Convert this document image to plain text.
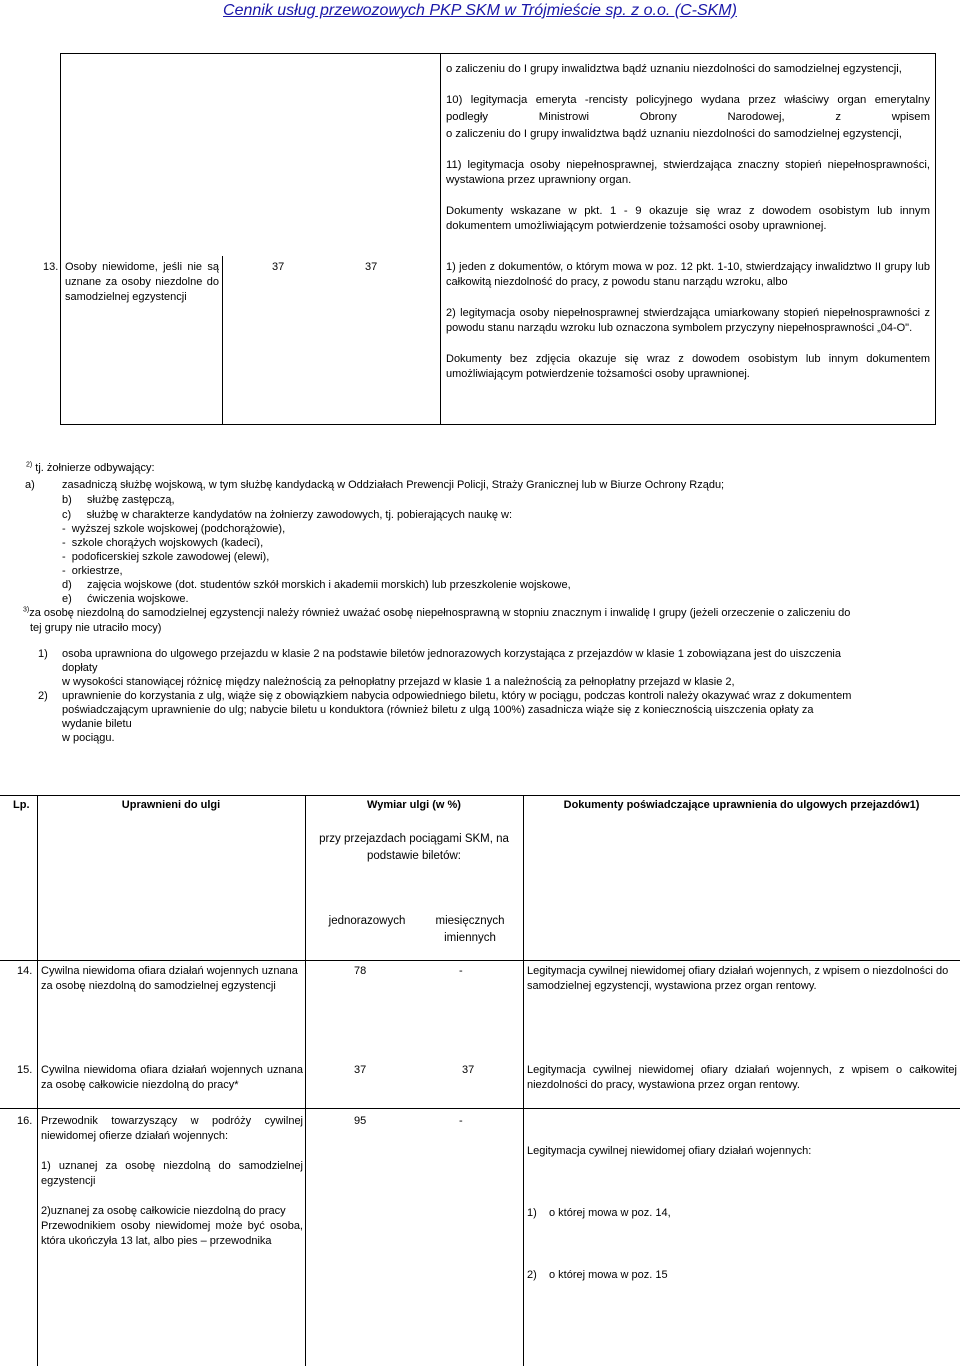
Cennik usług przewozowych PKP SKM w Trójmieście sp. z o.o. (C-SKM)

o zaliczeniu do I grupy inwalidztwa bądź uznaniu niezdolności do samodzielnej egzystencji,

10) legitymacja emeryta -rencisty policyjnego wydana przez właściwy organ emerytalny

podległy Ministrowi Obrony Narodowej, z wpisem

o zaliczeniu do I grupy inwalidztwa bądź uznaniu niezdolności do samodzielnej egzystencji,

11) legitymacja osoby niepełnosprawnej, stwierdzająca znaczny stopień niepełnosprawności, wystawiona przez uprawniony organ.

Dokumenty wskazane w pkt. 1 - 9 okazuje się wraz z dowodem osobistym lub innym dokumentem umożliwiającym potwierdzenie tożsamości osoby uprawnionej.

13. Osoby niewidome, jeśli nie są uznane za osoby niezdolne do samodzielnej egzystencji
37	37	1) jeden z dokumentów, o którym mowa w poz. 12 pkt. 1-10, stwierdzający inwalidztwo II grupy lub całkowitą niezdolność do pracy, z powodu stanu narządu wzroku, albo

2) legitymacja osoby niepełnosprawnej stwierdzająca umiarkowany stopień niepełnosprawności z powodu stanu narządu wzroku lub oznaczona symbolem przyczyny niepełnosprawności „04-O".

Dokumenty bez zdjęcia okazuje się wraz z dowodem osobistym lub innym dokumentem umożliwiającym potwierdzenie tożsamości osoby uprawnionej.

$^{2)}$ tj. żołnierze odbywający:
a) zasadniczą służbę wojskową, w tym służbę kandydacką w Oddziałach Prewencji Policji, Straży Granicznej lub w Biurze Ochrony Rządu;
b)     służbę zastępczą,
c)     służbę w charakterze kandydatów na żołnierzy zawodowych, tj. pobierających naukę w:
-  wyższej szkole wojskowej (podchorążowie),
-  szkole chorążych wojskowych (kadeci),
-  podoficerskiej szkole zawodowej (elewi),
-  orkiestrze,
d)     zajęcia wojskowe (dot. studentów szkół morskich i akademii morskich) lub przeszkolenie wojskowe,
e)     ćwiczenia wojskowe.
$^{3)}$za osobę niezdolną do samodzielnej egzystencji należy również uważać osobę niepełnosprawną w stopniu znacznym i inwalidę I grupy (jeżeli orzeczenie o zaliczeniu do
tej grupy nie utraciło mocy)
1) osoba uprawniona do ulgowego przejazdu w klasie 2 na podstawie biletów jednorazowych korzystająca z przejazdów w klasie 1 zobowiązana jest do uiszczenia
dopłaty
w wysokości stanowiącej różnicę między należnością za pełnopłatny przejazd w klasie 1 a należnością za pełnopłatny przejazd w klasie 2,
2) uprawnienie do korzystania z ulg, wiąże się z obowiązkiem nabycia odpowiedniego biletu, który w pociągu, podczas kontroli należy okazywać wraz z dokumentem
poświadczającym uprawnienie do ulg; nabycie biletu u konduktora (również biletu z ulgą 100%) zasadnicza wiąże się z koniecznością uiszczenia opłaty za
wydanie biletu
w pociągu.
Lp.	Uprawnieni do ulgi	Wymiar ulgi (w %)	Dokumenty poświadczające uprawnienia do ulgowych przejazdów1)
przy przejazdach pociągami SKM, na podstawie biletów:
jednorazowych	miesięcznych imiennych
14. Cywilna niewidoma ofiara działań wojennych uznana za osobę niezdolną do samodzielnej egzystencji
78	-	Legitymacja cywilnej niewidomej ofiary działań wojennych, z wpisem o niezdolności do samodzielnej egzystencji, wystawiona przez organ rentowy.
15. Cywilna niewidoma ofiara działań wojennych uznana za osobę całkowicie niezdolną do pracy*
37	37	Legitymacja cywilnej niewidomej ofiary działań wojennych, z wpisem o całkowitej niezdolności do pracy, wystawiona przez organ rentowy.
16. Przewodnik towarzyszący w podróży cywilnej niewidomej ofierze działań wojennych:

1) uznanej za osobę niezdolną do samodzielnej egzystencji

2)uznanej za osobę całkowicie niezdolną do pracy

Przewodnikiem osoby niewidomej może być osoba, która ukończyła 13 lat, albo pies – przewodnika

95	-

Legitymacja cywilnej niewidomej ofiary działań wojennych:

1)    o której mowa w poz. 14,

2)    o której mowa w poz. 15
